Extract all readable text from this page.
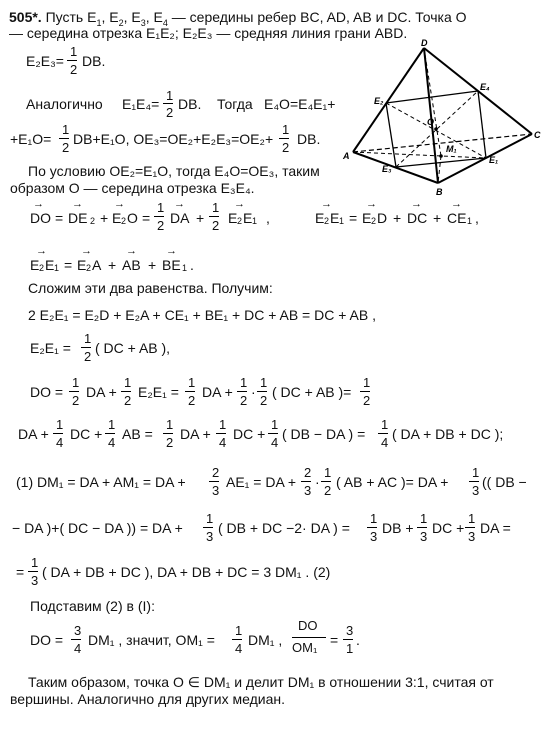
505*. Пусть $E_1$, $E_2$, $E_3$, $E_4$ — середины ребер BC, AD, AB и DC. Точка O
— середина отрезка E₁E₂; E₂E₃ — средняя линия грани ABD.
D
A
B
C
E₁
E₂
E₃
E₄
O
M₁
E₂E₃=
1
2
DB.
Аналогично E₁E₄=
1
2
DB. Тогда E₄O=E₄E₁+
+E₁O=
1
2
DB+E₁O, OE₃=OE₂+E₂E₃=OE₂+
1
2
DB.
По условию OE₂=E₁O, тогда E₄O=OE₃, таким
образом O — середина отрезка E₃E₄.
→
DO =
→
DE 2 +
→
E 2 O =
1
2
→
DA +
1
2
→
E 2 E 1 ,
→
E 2 E 1 =
→
E 2 D +
→
DC +
→
CE 1 ,
→
E 2 E 1 =
→
E 2 A +
→
AB +
→
BE 1 .
Сложим эти два равенства. Получим:
2 E₂E₁ = E₂D + E₂A + CE₁ + BE₁ + DC + AB = DC + AB ,
E₂E₁ =
1
2
( DC + AB ),
DO =
1
2
DA +
1
2
E₂E₁ =
1
2
DA +
1
2
·
1
2
( DC + AB )=
1
2
DA +
1
4
DC +
1
4
AB =
1
2
DA +
1
4
DC +
1
4
( DB − DA ) =
1
4
( DA + DB + DC );
(1) DM₁ = DA + AM₁ = DA +
2
3
AE₁ = DA +
2
3
·
1
2
( AB + AC )= DA +
1
3
(( DB −
− DA )+( DC − DA )) = DA +
1
3
( DB + DC −2· DA ) =
1
3
DB +
1
3
DC +
1
3
DA =
=
1
3
( DA + DB + DC ), DA + DB + DC = 3 DM₁ . (2)
Подставим (2) в (I):
DO =
3
4
DM₁ , значит, OM₁ =
1
4
DM₁ ,
DO
OM₁ =
3
1
.
Таким образом, точка O ∈ DM₁ и делит DM₁ в отношении 3:1, считая от
вершины. Аналогично для других медиан.
